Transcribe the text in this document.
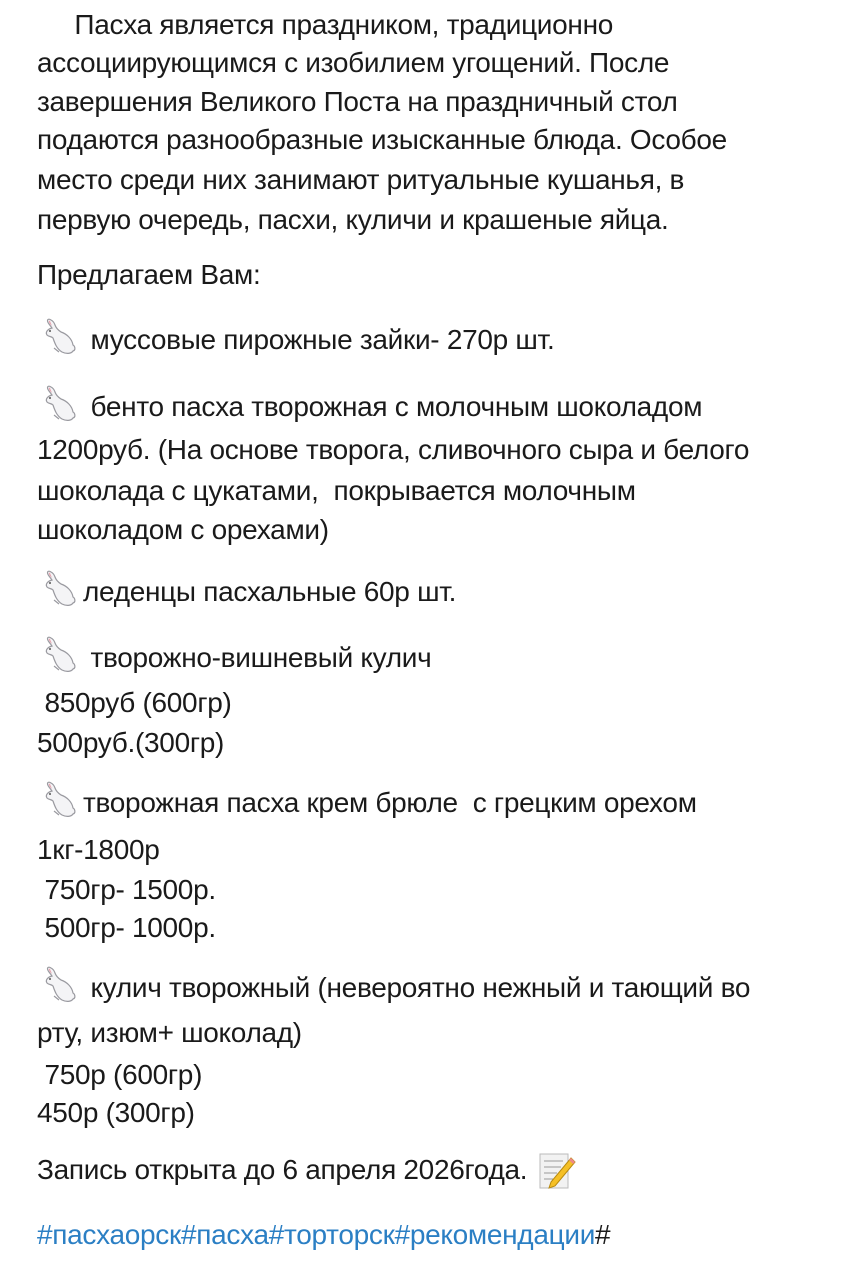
Пасха является праздником, традиционно
ассоциирующимся с изобилием угощений. После
завершения Великого Поста на праздничный стол
подаются разнообразные изысканные блюда. Особое
место среди них занимают ритуальные кушанья, в
первую очередь, пасхи, куличи и крашеные яйца.
Предлагаем Вам:
муссовые пирожные зайки- 270р шт.
бенто пасха творожная с молочным шоколадом
1200руб. (На основе творога, сливочного сыра и белого
шоколада с цукатами,  покрывается молочным
шоколадом с орехами)
леденцы пасхальные 60р шт.
творожно-вишневый кулич
850руб (600гр)
500руб.(300гр)
творожная пасха крем брюле  с грецким орехом
1кг-1800р
750гр- 1500р.
500гр- 1000р.
кулич творожный (невероятно нежный и тающий во
рту, изюм+ шоколад)
750р (600гр)
450р (300гр)
Запись открыта до 6 апреля 2026года.
#пасхаорск#пасха#торторск#рекомендации#
